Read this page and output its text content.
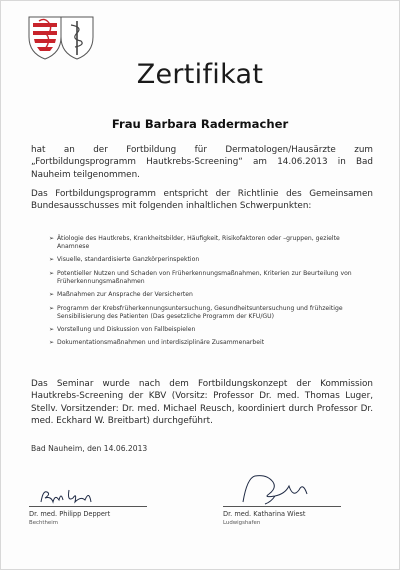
Zertifikat
Frau Barbara Radermacher
hat an der Fortbildung für Dermatologen/Hausärzte zum „Fortbildungsprogramm Hautkrebs-Screening“ am 14.06.2013 in Bad Nauheim teilgenommen.
Das Fortbildungsprogramm entspricht der Richtlinie des Gemeinsamen Bundesausschusses mit folgenden inhaltlichen Schwerpunkten:
➢ Ätiologie des Hautkrebs, Krankheitsbilder, Häufigkeit, Risikofaktoren oder –gruppen, gezielte Anamnese
➢ Visuelle, standardisierte Ganzkörperinspektion
➢ Potentieller Nutzen und Schaden von Früherkennungsmaßnahmen, Kriterien zur Beurteilung von Früherkennungsmaßnahmen
➢ Maßnahmen zur Ansprache der Versicherten
➢ Programm der Krebsfrüherkennungsuntersuchung, Gesundheitsuntersuchung und frühzeitige Sensibilisierung des Patienten (Das gesetzliche Programm der KFU/GU)
➢ Vorstellung und Diskussion von Fallbeispielen
➢ Dokumentationsmaßnahmen und interdisziplinäre Zusammenarbeit
Das Seminar wurde nach dem Fortbildungskonzept der Kommission Hautkrebs-Screening der KBV (Vorsitz: Professor Dr. med. Thomas Luger, Stellv. Vorsitzender: Dr. med. Michael Reusch, koordiniert durch Professor Dr. med. Eckhard W. Breitbart) durchgeführt.
Bad Nauheim, den 14.06.2013
Dr. med. Philipp Deppert
Bechtheim
Dr. med. Katharina Wiest
Ludwigshafen
